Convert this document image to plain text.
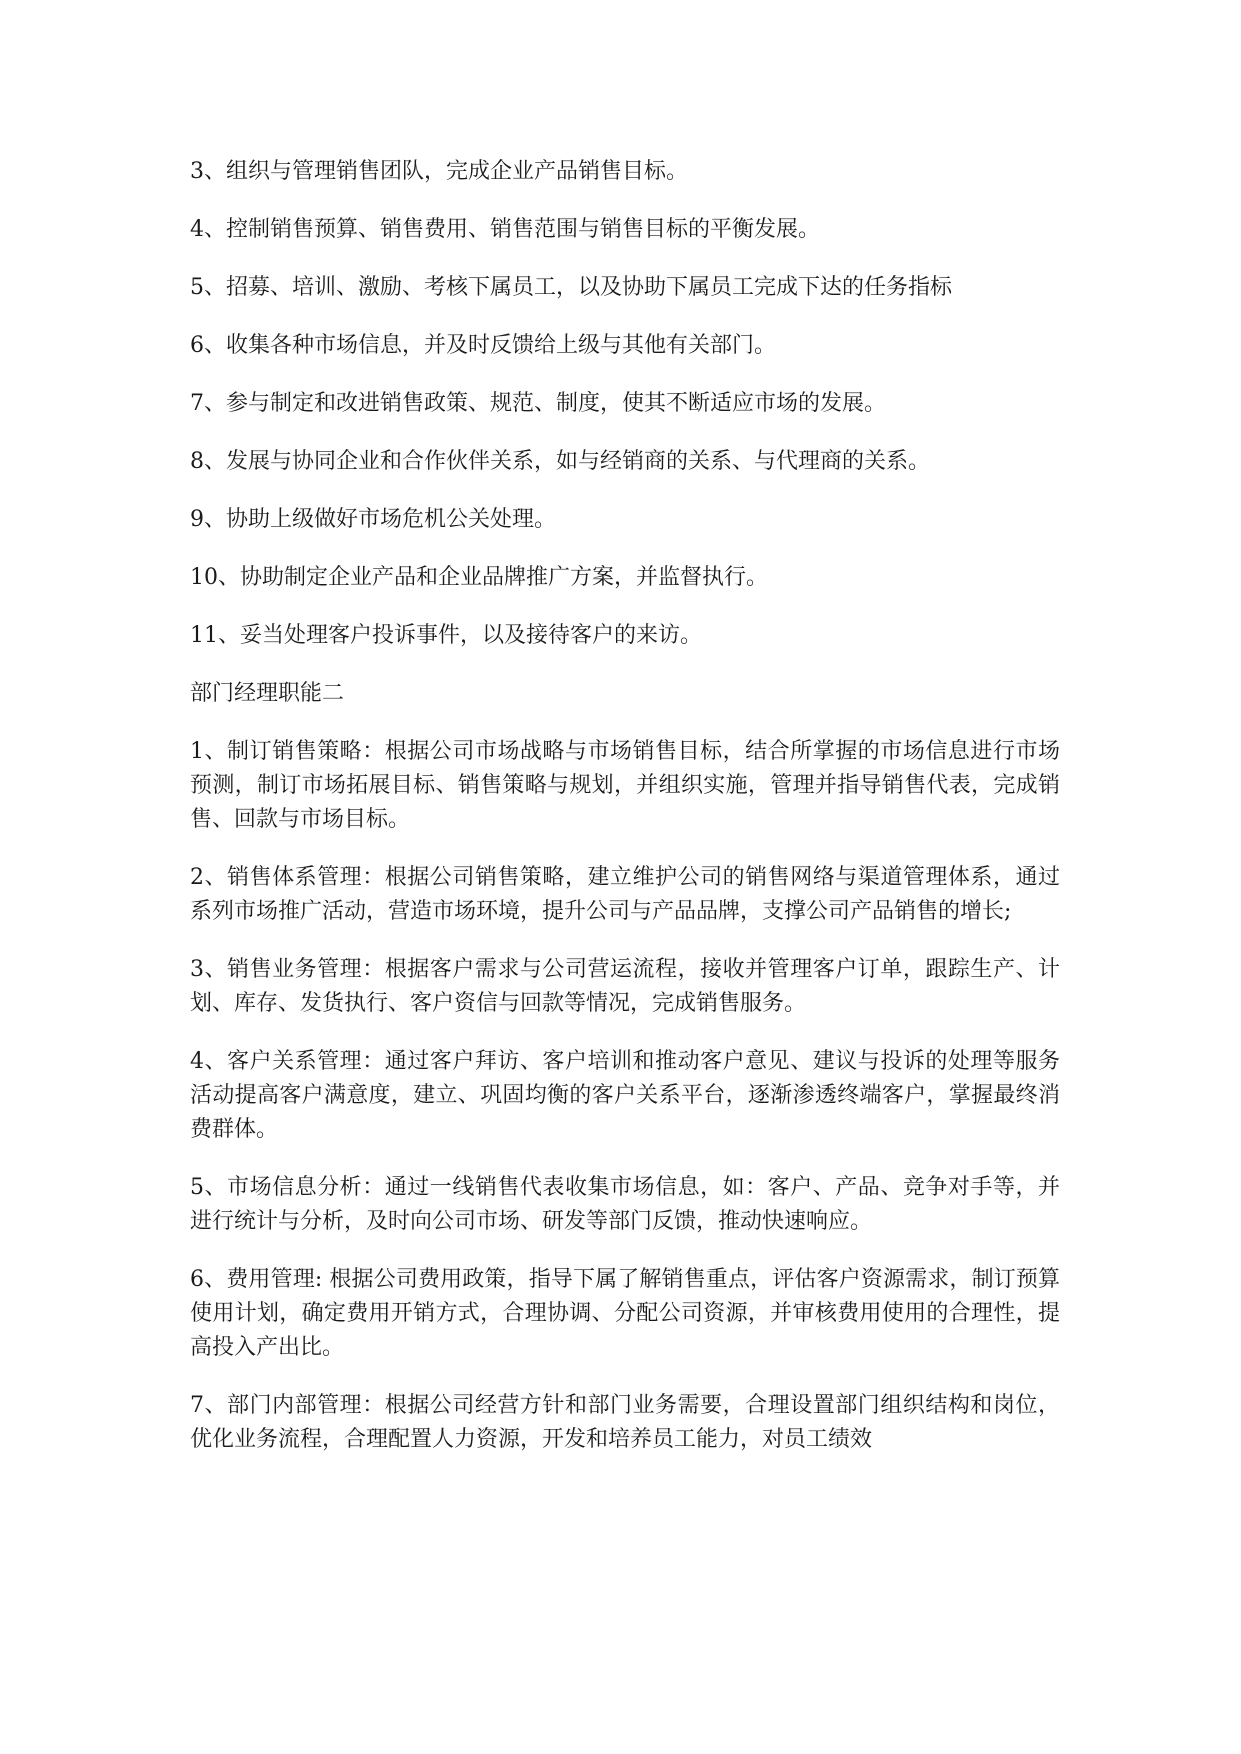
3、组织与管理销售团队，完成企业产品销售目标。

4、控制销售预算、销售费用、销售范围与销售目标的平衡发展。

5、招募、培训、激励、考核下属员工，以及协助下属员工完成下达的任务指标

6、收集各种市场信息，并及时反馈给上级与其他有关部门。

7、参与制定和改进销售政策、规范、制度，使其不断适应市场的发展。

8、发展与协同企业和合作伙伴关系，如与经销商的关系、与代理商的关系。

9、协助上级做好市场危机公关处理。

10、协助制定企业产品和企业品牌推广方案，并监督执行。

11、妥当处理客户投诉事件，以及接待客户的来访。

部门经理职能二

1、制订销售策略：根据公司市场战略与市场销售目标，结合所掌握的市场信息进行市场预测，制订市场拓展目标、销售策略与规划，并组织实施，管理并指导销售代表，完成销售、回款与市场目标。

2、销售体系管理：根据公司销售策略，建立维护公司的销售网络与渠道管理体系，通过系列市场推广活动，营造市场环境，提升公司与产品品牌，支撑公司产品销售的增长;

3、销售业务管理：根据客户需求与公司营运流程，接收并管理客户订单，跟踪生产、计划、库存、发货执行、客户资信与回款等情况，完成销售服务。

4、客户关系管理：通过客户拜访、客户培训和推动客户意见、建议与投诉的处理等服务活动提高客户满意度，建立、巩固均衡的客户关系平台，逐渐渗透终端客户，掌握最终消费群体。

5、市场信息分析：通过一线销售代表收集市场信息，如：客户、产品、竞争对手等，并进行统计与分析，及时向公司市场、研发等部门反馈，推动快速响应。

6、费用管理: 根据公司费用政策，指导下属了解销售重点，评估客户资源需求，制订预算使用计划，确定费用开销方式，合理协调、分配公司资源，并审核费用使用的合理性，提高投入产出比。

7、部门内部管理：根据公司经营方针和部门业务需要，合理设置部门组织结构和岗位，优化业务流程，合理配置人力资源，开发和培养员工能力，对员工绩效
